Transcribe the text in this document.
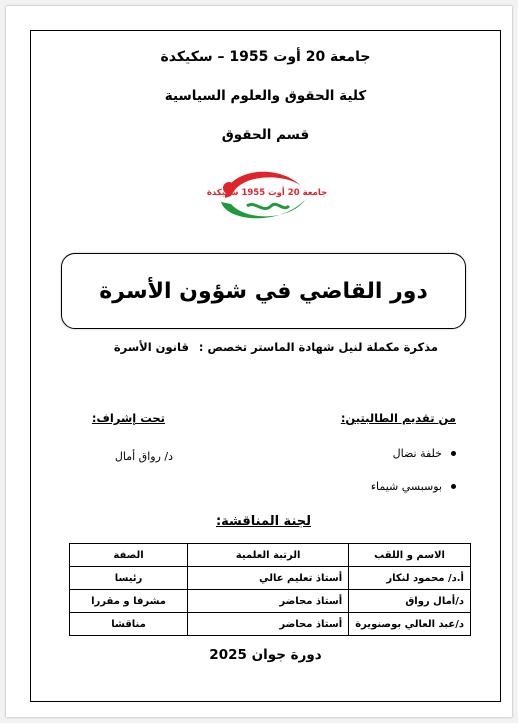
جامعة 20 أوت 1955 – سكيكدة
كلية الحقوق والعلوم السياسية
قسم الحقوق
جامعة 20 أوت 1955 سكيكدة
دور القاضي في شؤون الأسرة
مذكرة مكملة لنيل شهادة الماستر تخصص :قانون الأسرة
من تقديم الطالبتين:
تحت إشراف:
خلفة نضال
بوسبسي شيماء
د/ رواق أمال
لجنة المناقشة:
الاسم و اللقب	الرتبة العلمية	الصفة
أ.د/ محمود لنكار	أستاذ تعليم عالي	رئيسا
د/أمال رواق	أستاذ محاضر	مشرفا و مقررا
د/عبد العالي بوصنويرة	أستاذ محاضر	مناقشا
دورة جوان 2025
